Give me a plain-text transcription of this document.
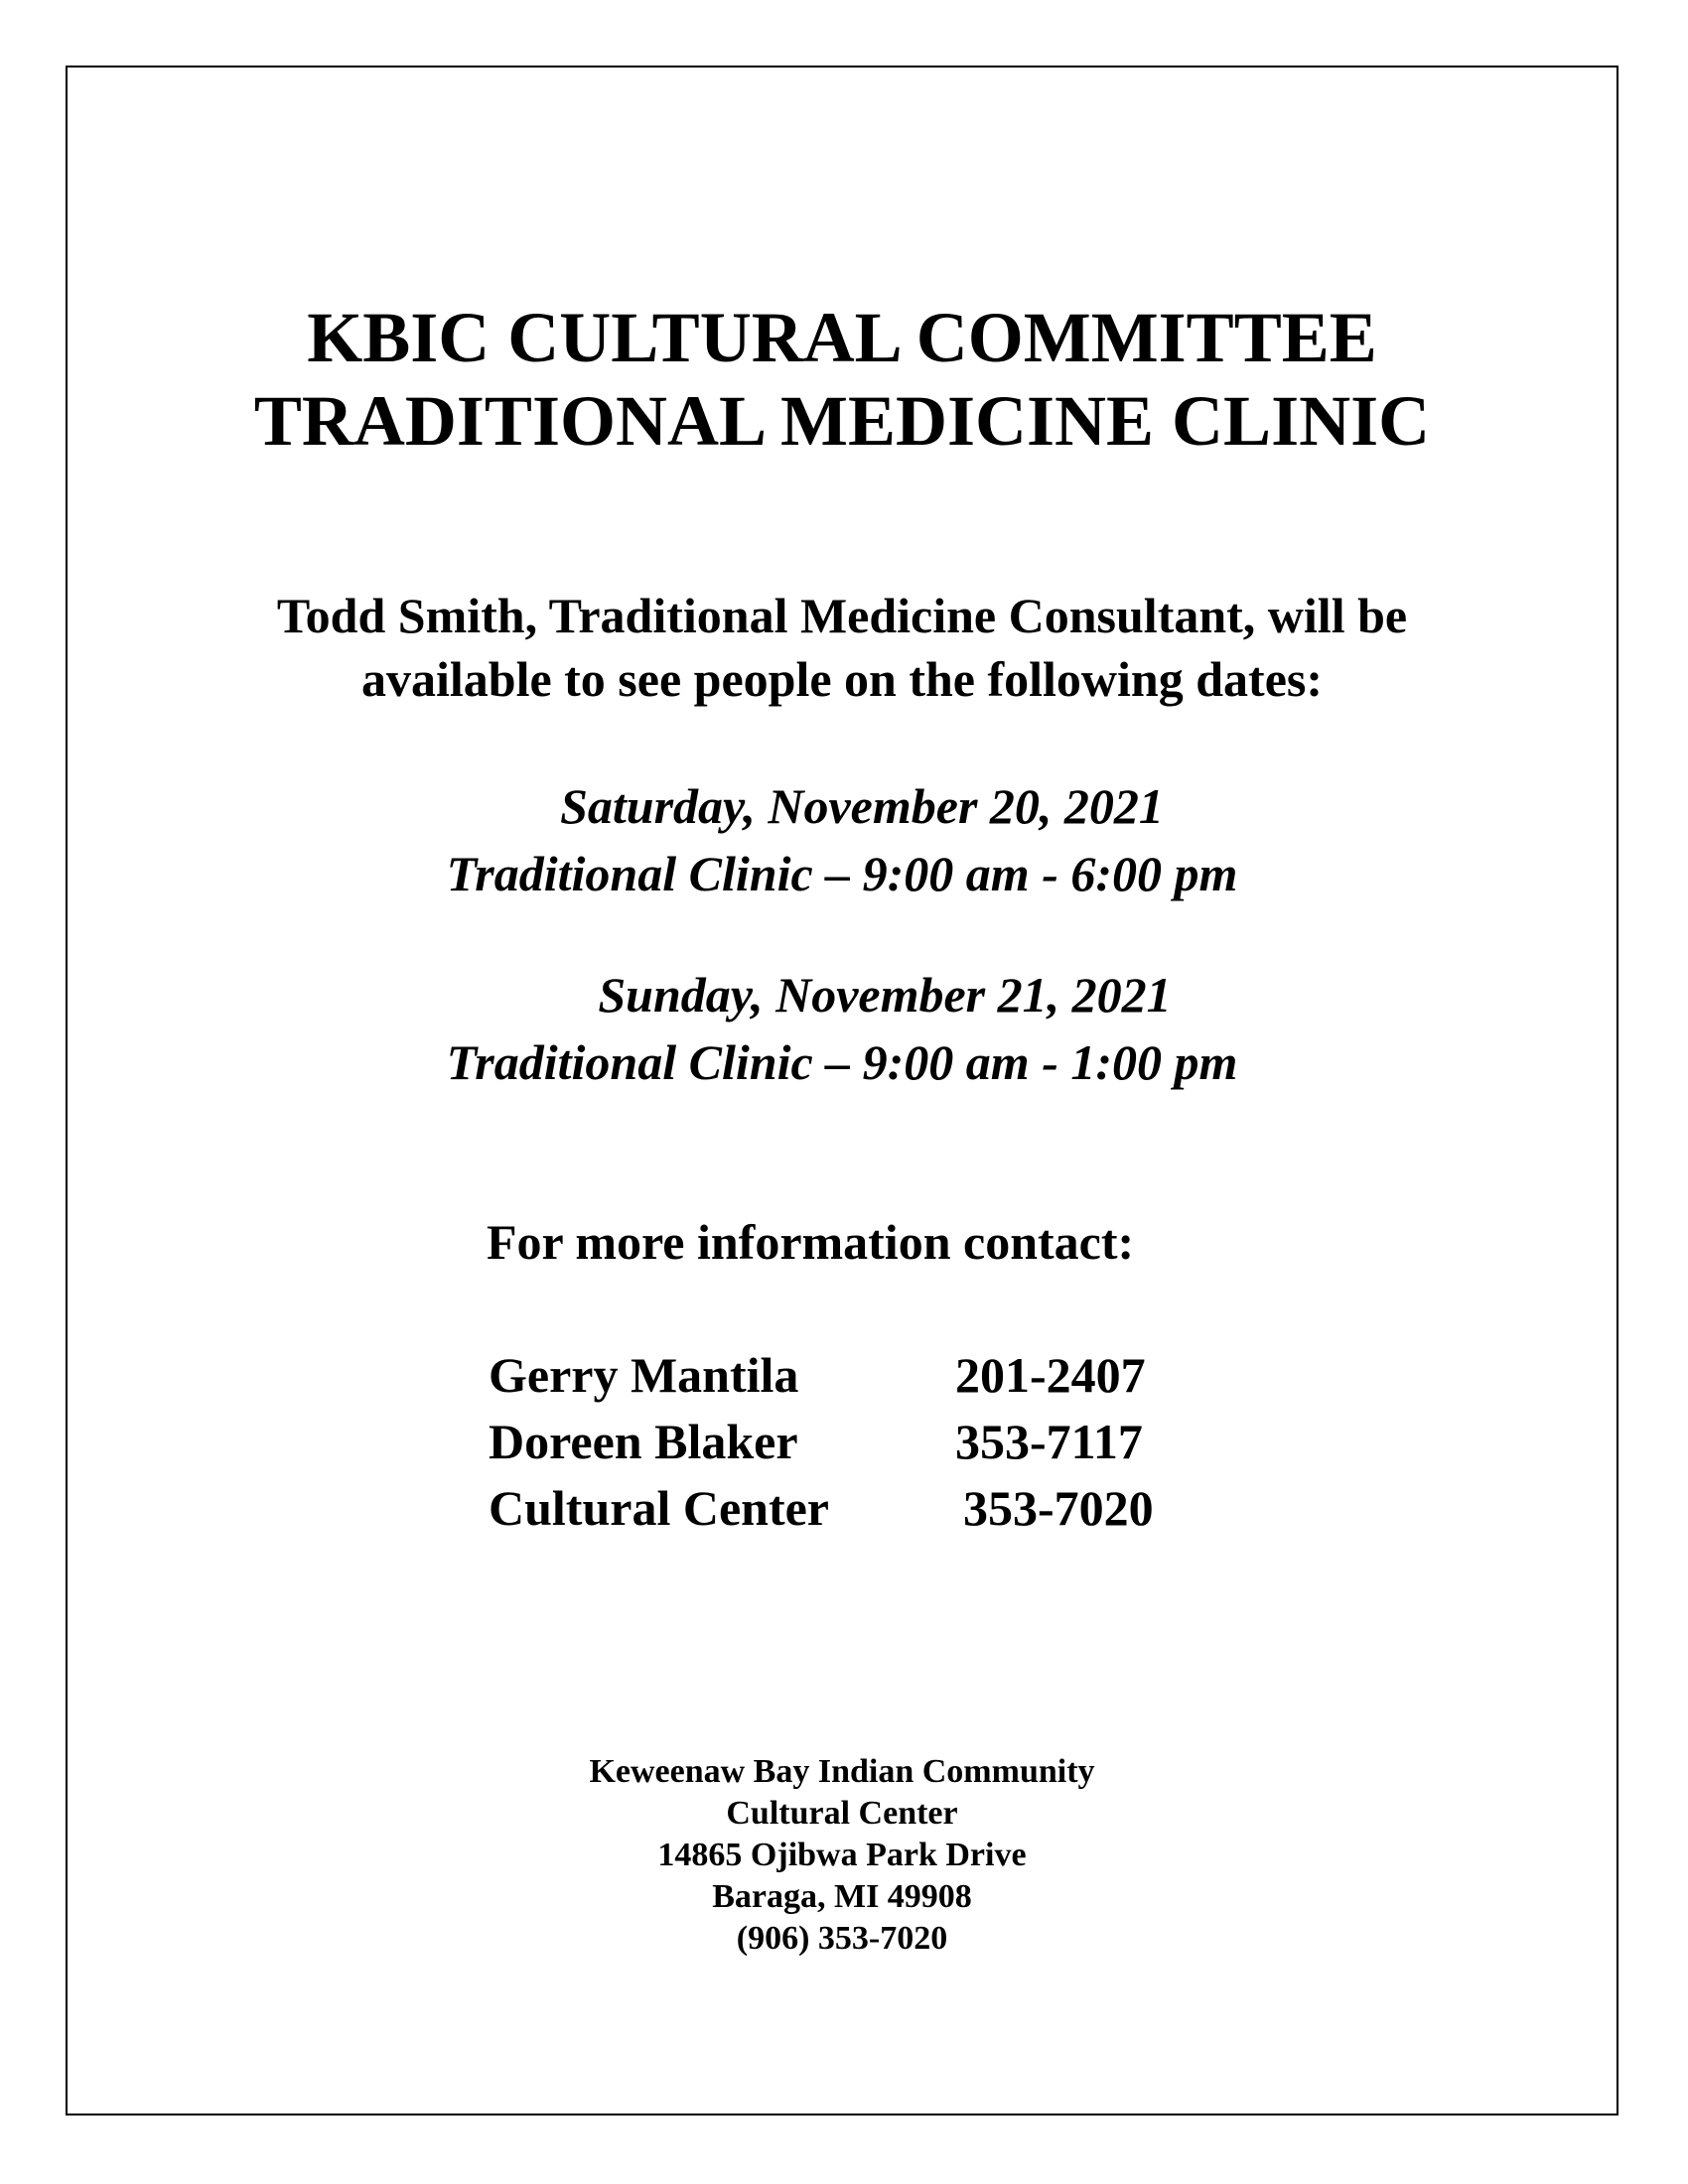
KBIC CULTURAL COMMITTEE
TRADITIONAL MEDICINE CLINIC
Todd Smith, Traditional Medicine Consultant, will be
available to see people on the following dates:
Saturday, November 20, 2021
Traditional Clinic – 9:00 am - 6:00 pm
Sunday, November 21, 2021
Traditional Clinic – 9:00 am - 1:00 pm
For more information contact:
Gerry Mantila	201-2407
Doreen Blaker	353-7117
Cultural Center	353-7020
Keweenaw Bay Indian Community
Cultural Center
14865 Ojibwa Park Drive
Baraga, MI 49908
(906) 353-7020
